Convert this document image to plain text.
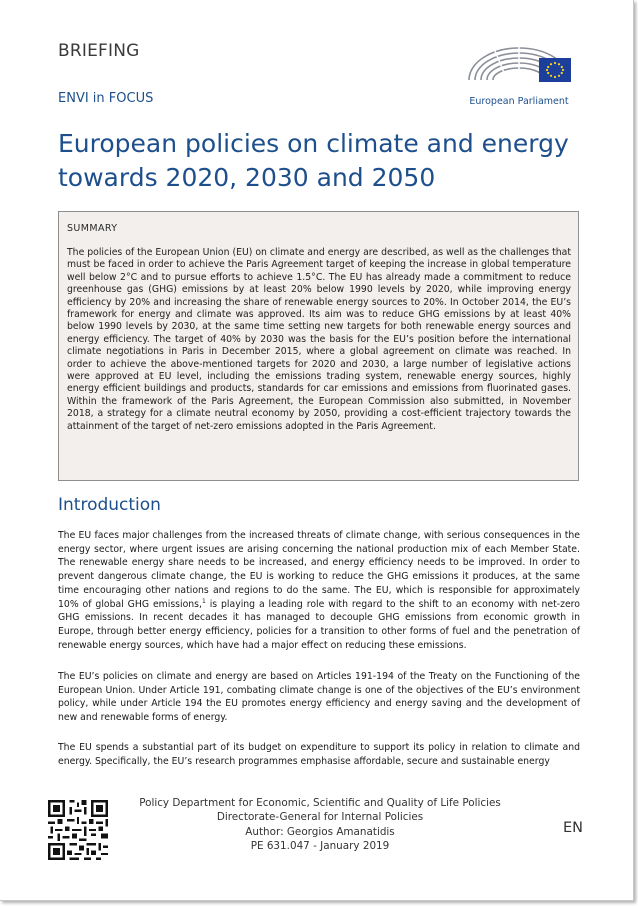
BRIEFING
ENVI in FOCUS	European Parliament
European policies on climate and energy towards 2020, 2030 and 2050
SUMMARY
The policies of the European Union (EU) on climate and energy are described, as well as the challenges that must be faced in order to achieve the Paris Agreement target of keeping the increase in global temperature well below 2°C and to pursue efforts to achieve 1.5°C. The EU has already made a commitment to reduce greenhouse gas (GHG) emissions by at least 20% below 1990 levels by 2020, while improving energy efficiency by 20% and increasing the share of renewable energy sources to 20%. In October 2014, the EU’s framework for energy and climate was approved. Its aim was to reduce GHG emissions by at least 40% below 1990 levels by 2030, at the same time setting new targets for both renewable energy sources and energy efficiency. The target of 40% by 2030 was the basis for the EU’s position before the international climate negotiations in Paris in December 2015, where a global agreement on climate was reached. In order to achieve the above-mentioned targets for 2020 and 2030, a large number of legislative actions were approved at EU level, including the emissions trading system, renewable energy sources, highly energy efficient buildings and products, standards for car emissions and emissions from fluorinated gases. Within the framework of the Paris Agreement, the European Commission also submitted, in November 2018, a strategy for a climate neutral economy by 2050, providing a cost-efficient trajectory towards the attainment of the target of net-zero emissions adopted in the Paris Agreement.
Introduction
The EU faces major challenges from the increased threats of climate change, with serious consequences in the energy sector, where urgent issues are arising concerning the national production mix of each Member State. The renewable energy share needs to be increased, and energy efficiency needs to be improved. In order to prevent dangerous climate change, the EU is working to reduce the GHG emissions it produces, at the same time encouraging other nations and regions to do the same. The EU, which is responsible for approximately 10% of global GHG emissions,$^1$ is playing a leading role with regard to the shift to an economy with net-zero GHG emissions. In recent decades it has managed to decouple GHG emissions from economic growth in Europe, through better energy efficiency, policies for a transition to other forms of fuel and the penetration of renewable energy sources, which have had a major effect on reducing these emissions.
The EU’s policies on climate and energy are based on Articles 191-194 of the Treaty on the Functioning of the European Union. Under Article 191, combating climate change is one of the objectives of the EU’s environment policy, while under Article 194 the EU promotes energy efficiency and energy saving and the development of new and renewable forms of energy.
The EU spends a substantial part of its budget on expenditure to support its policy in relation to climate and energy. Specifically, the EU’s research programmes emphasise affordable, secure and sustainable energy
Policy Department for Economic, Scientific and Quality of Life Policies
Directorate-General for Internal Policies
Author: Georgios Amanatidis
PE 631.047 - January 2019
EN
